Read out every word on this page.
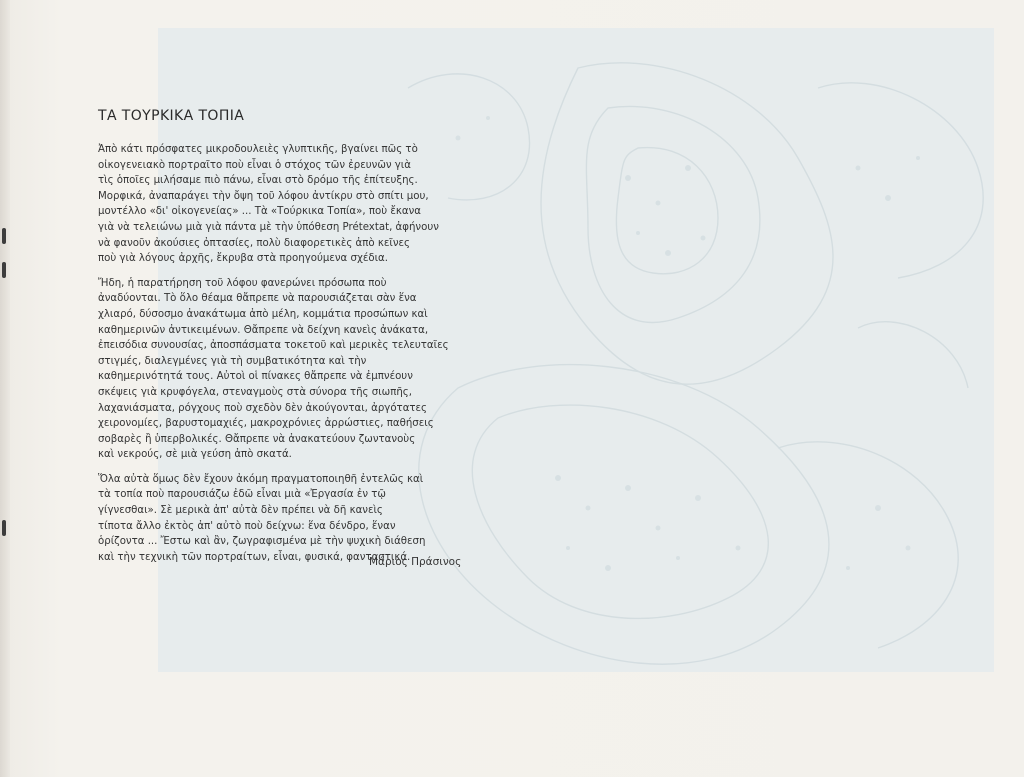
ΤΑ ΤΟΥΡΚΙΚΑ ΤΟΠΙΑ

Ἀπὸ κάτι πρόσφατες μικροδουλειὲς γλυπτικῆς, βγαίνει πῶς τὸ
οἰκογενειακὸ πορτραῖτο ποὺ εἶναι ὁ στόχος τῶν ἐρευνῶν γιὰ
τὶς ὁποῖες μιλήσαμε πιὸ πάνω, εἶναι στὸ δρόμο τῆς ἐπίτευξης.
Μορφικά, ἀναπαράγει τὴν ὄψη τοῦ λόφου ἀντίκρυ στὸ σπίτι μου,
μοντέλλο «δι' οἰκογενείας» ... Τὰ «Τούρκικα Τοπία», ποὺ ἔκανα
γιὰ νὰ τελειώνω μιὰ γιὰ πάντα μὲ τὴν ὑπόθεση Prétextat, ἀφήνουν
νὰ φανοῦν ἀκούσιες ὀπτασίες, πολὺ διαφορετικὲς ἀπὸ κεῖνες
ποὺ γιὰ λόγους ἀρχῆς, ἔκρυβα στὰ προηγούμενα σχέδια.

Ἤδη, ἡ παρατήρηση τοῦ λόφου φανερώνει πρόσωπα ποὺ
ἀναδύονται. Τὸ ὅλο θέαμα θἄπρεπε νὰ παρουσιάζεται σὰν ἕνα
χλιαρό, δύσοσμο ἀνακάτωμα ἀπὸ μέλη, κομμάτια προσώπων καὶ
καθημερινῶν ἀντικειμένων. Θἄπρεπε νὰ δείχνη κανεὶς ἀνάκατα,
ἐπεισόδια συνουσίας, ἀποσπάσματα τοκετοῦ καὶ μερικὲς τελευταῖες
στιγμές, διαλεγμένες γιὰ τὴ συμβατικότητα καὶ τὴν
καθημερινότητά τους. Αὐτοὶ οἱ πίνακες θἄπρεπε νὰ ἐμπνέουν
σκέψεις γιὰ κρυφόγελα, στεναγμοὺς στὰ σύνορα τῆς σιωπῆς,
λαχανιάσματα, ρόγχους ποὺ σχεδὸν δὲν ἀκούγονται, ἀργότατες
χειρονομίες, βαρυστομαχιές, μακροχρόνιες ἀρρώστιες, παθήσεις
σοβαρὲς ἢ ὑπερβολικές. Θἄπρεπε νὰ ἀνακατεύουν ζωντανοὺς
καὶ νεκρούς, σὲ μιὰ γεύση ἀπὸ σκατά.

Ὅλα αὐτὰ ὅμως δὲν ἔχουν ἀκόμη πραγματοποιηθῆ ἐντελῶς καὶ
τὰ τοπία ποὺ παρουσιάζω ἐδῶ εἶναι μιὰ «Ἐργασία ἐν τῷ
γίγνεσθαι». Σὲ μερικὰ ἀπ' αὐτὰ δὲν πρέπει νὰ δῆ κανεὶς
τίποτα ἄλλο ἐκτὸς ἀπ' αὐτὸ ποὺ δείχνω: ἕνα δένδρο, ἕναν
ὁρίζοντα ... Ἔστω καὶ ἂν, ζωγραφισμένα μὲ τὴν ψυχικὴ διάθεση
καὶ τὴν τεχνικὴ τῶν πορτραίτων, εἶναι, φυσικά, φανταστικά.

Μάριος Πράσινος
